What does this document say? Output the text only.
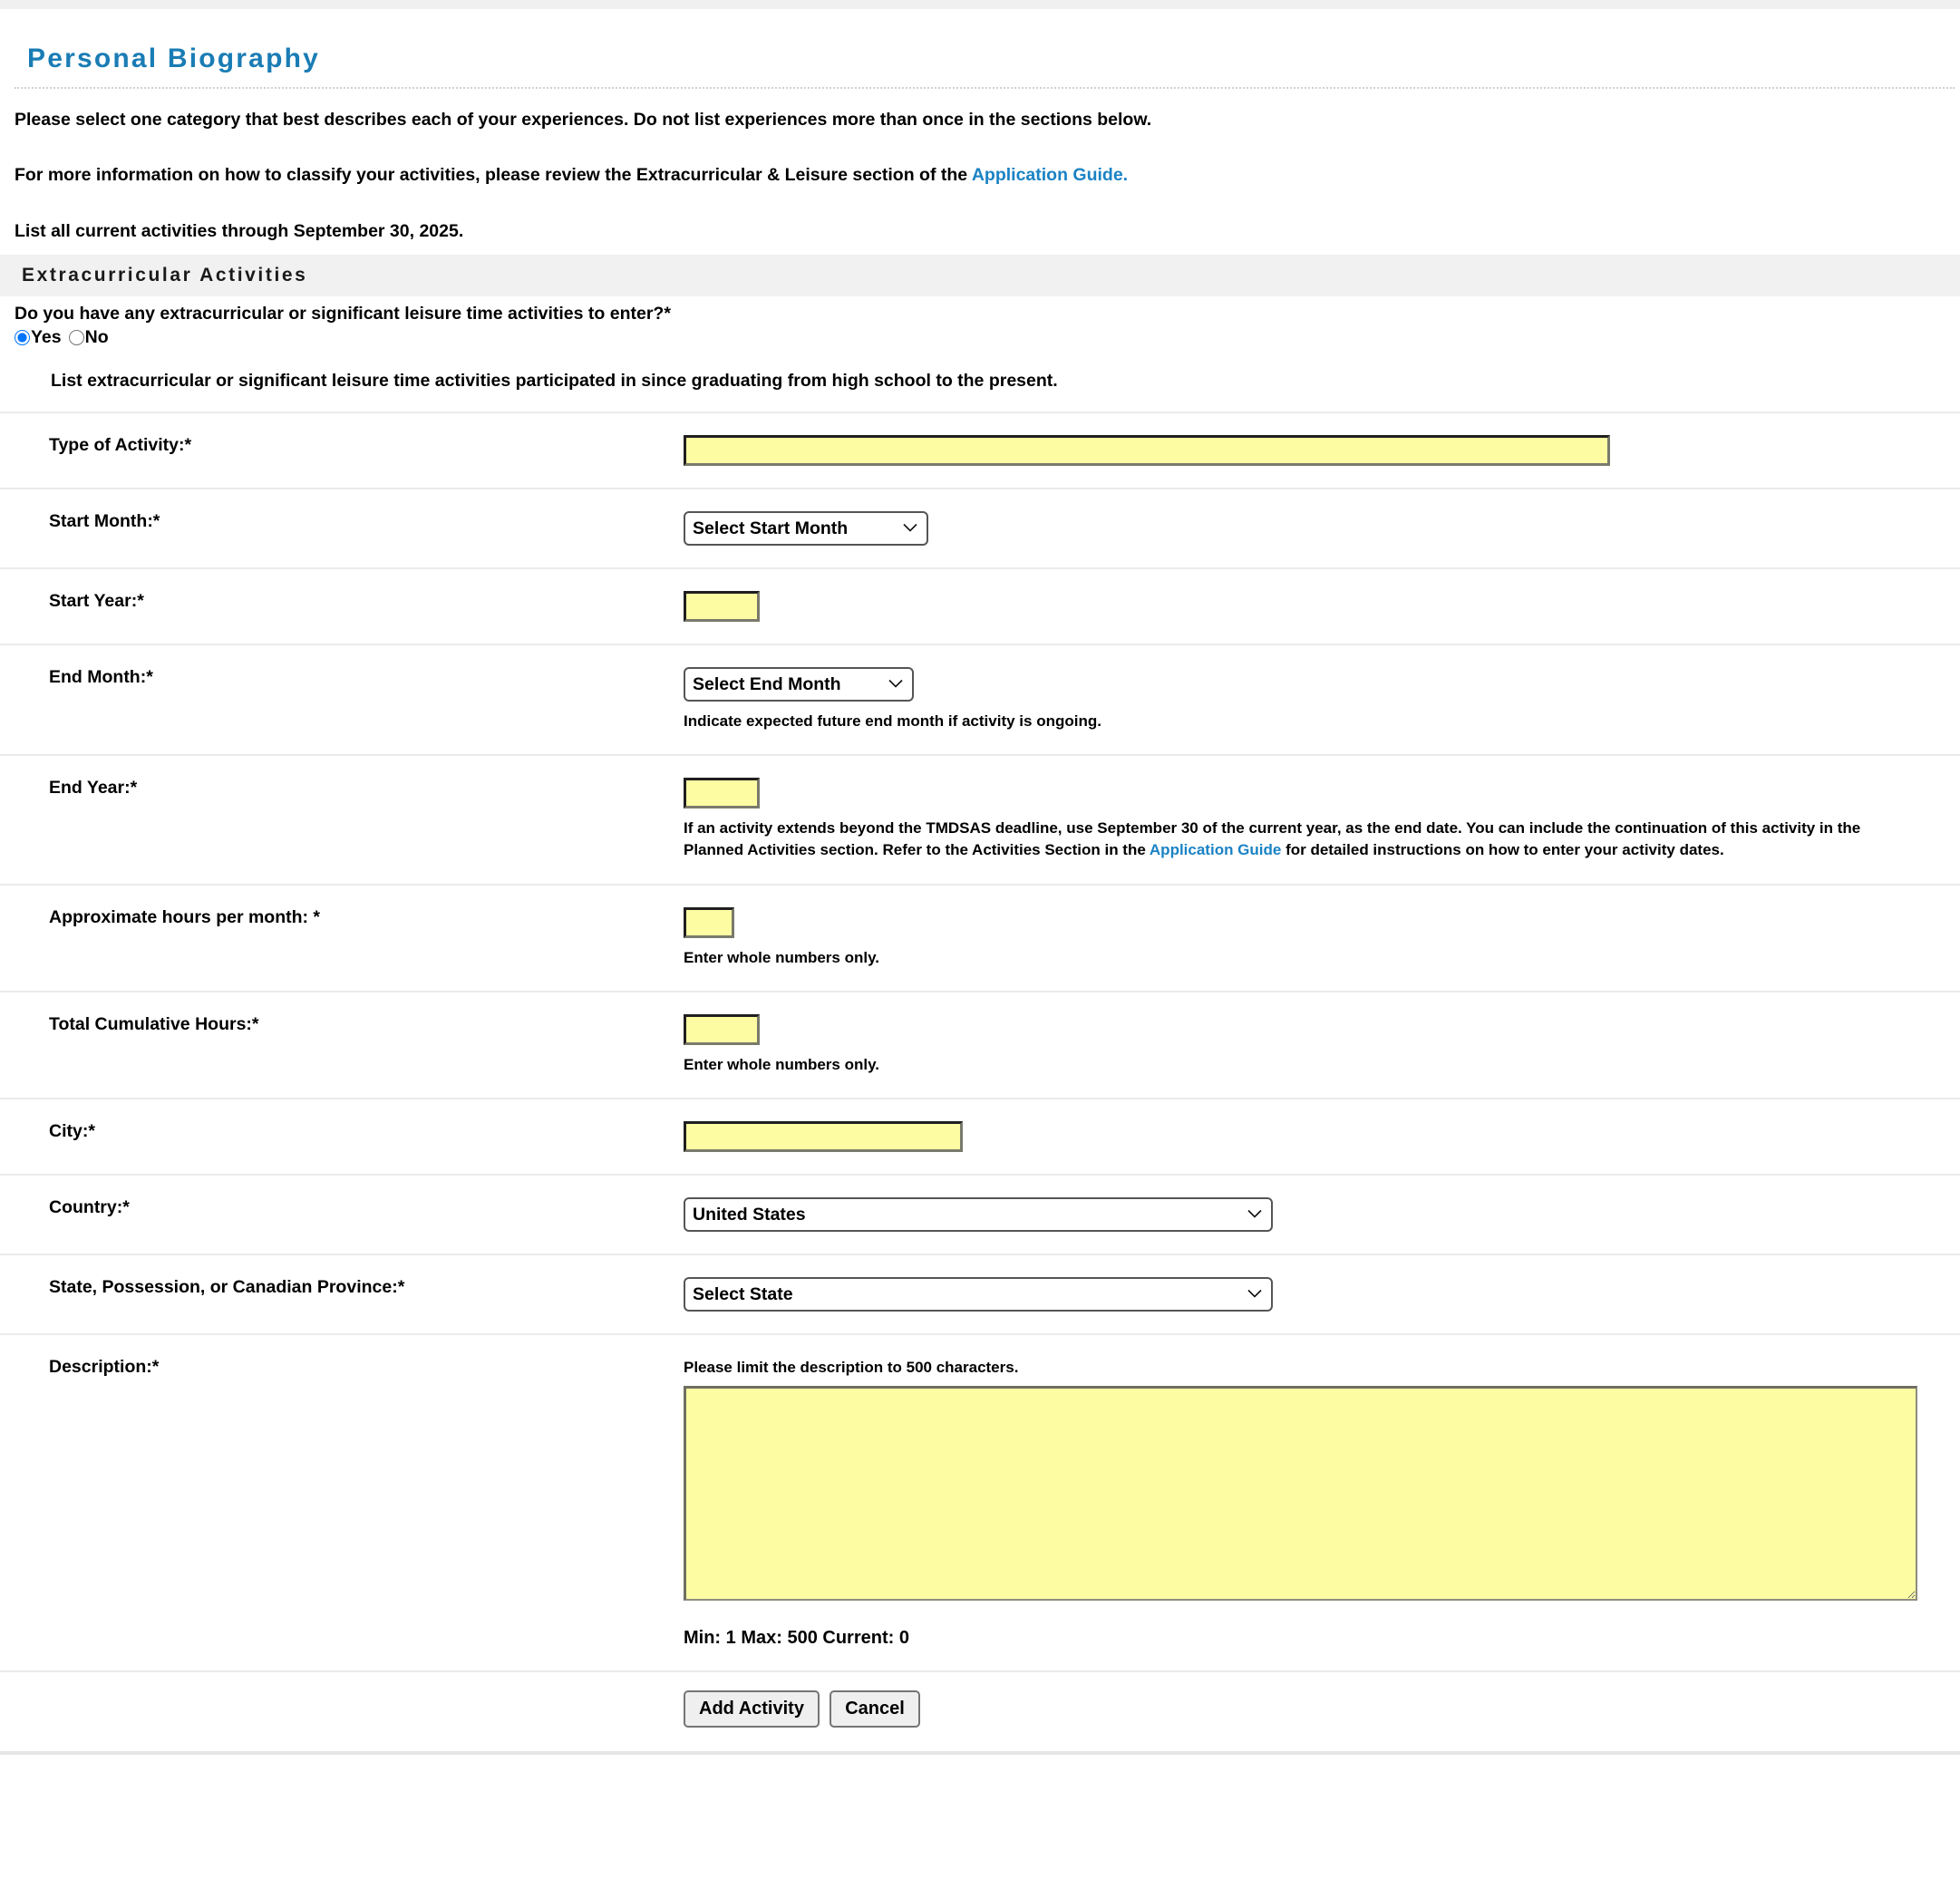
Personal Biography
Please select one category that best describes each of your experiences. Do not list experiences more than once in the sections below.
For more information on how to classify your activities, please review the Extracurricular & Leisure section of the Application Guide.
List all current activities through September 30, 2025.
Extracurricular Activities
Do you have any extracurricular or significant leisure time activities to enter?*
Yes No
List extracurricular or significant leisure time activities participated in since graduating from high school to the present.
Type of Activity:*	
Start Month:*	
Select Start Month

Start Year:*	
End Month:*	
Select End Month
Indicate expected future end month if activity is ongoing.

End Year:*	If an activity extends beyond the TMDSAS deadline, use September 30 of the current year, as the end date. You can include the continuation of this activity in the Planned Activities section. Refer to the Activities Section in the Application Guide for detailed instructions on how to enter your activity dates.

Approximate hours per month: *	Enter whole numbers only.

Total Cumulative Hours:*	Enter whole numbers only.

City:*	
Country:*	
United States

State, Possession, or Canadian Province:*	
Select State

Description:*	Please limit the description to 500 characters.
Min: 1 Max: 500 Current: 0

	Add Activity Cancel
